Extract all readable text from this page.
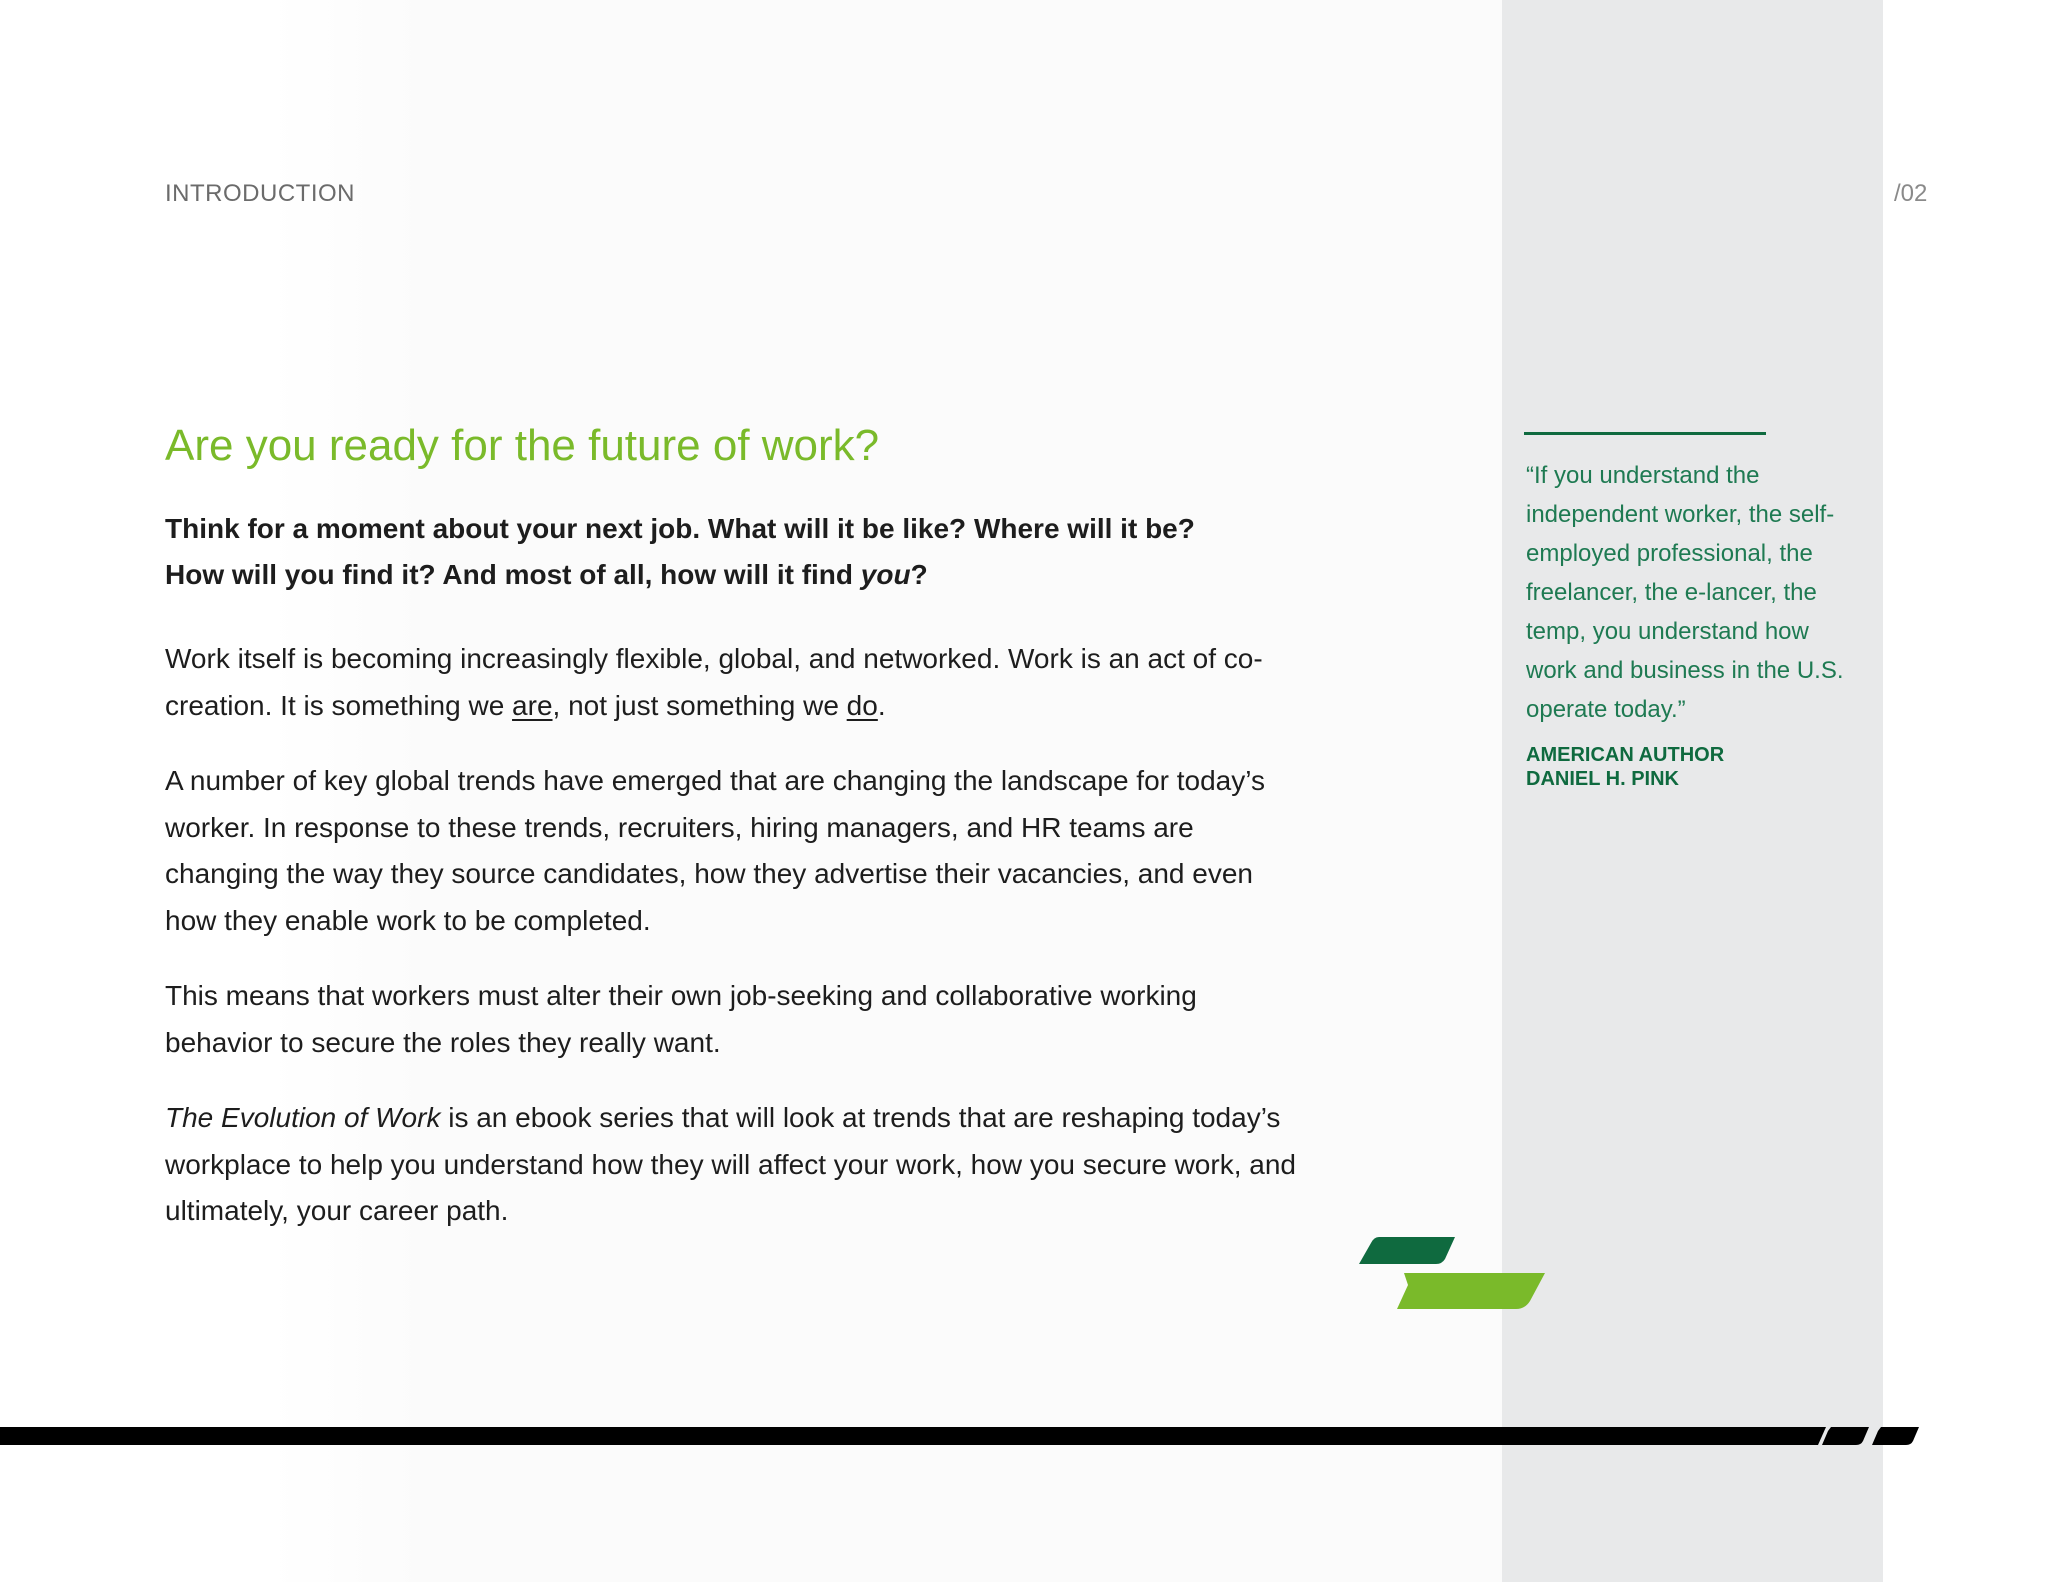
INTRODUCTION	/02
Are you ready for the future of work?

Think for a moment about your next job. What will it be like? Where will it be?
How will you find it? And most of all, how will it find you?

Work itself is becoming increasingly flexible, global, and networked. Work is an act of co-creation. It is something we are, not just something we do.

A number of key global trends have emerged that are changing the landscape for today’s worker. In response to these trends, recruiters, hiring managers, and HR teams are changing the way they source candidates, how they advertise their vacancies, and even how they enable work to be completed.

This means that workers must alter their own job-seeking and collaborative working behavior to secure the roles they really want.

The Evolution of Work is an ebook series that will look at trends that are reshaping today’s workplace to help you understand how they will affect your work, how you secure work, and ultimately, your career path.

“If you understand the independent worker, the self-employed professional, the freelancer, the e-lancer, the temp, you understand how work and business in the U.S. operate today.”

AMERICAN AUTHOR
DANIEL H. PINK
